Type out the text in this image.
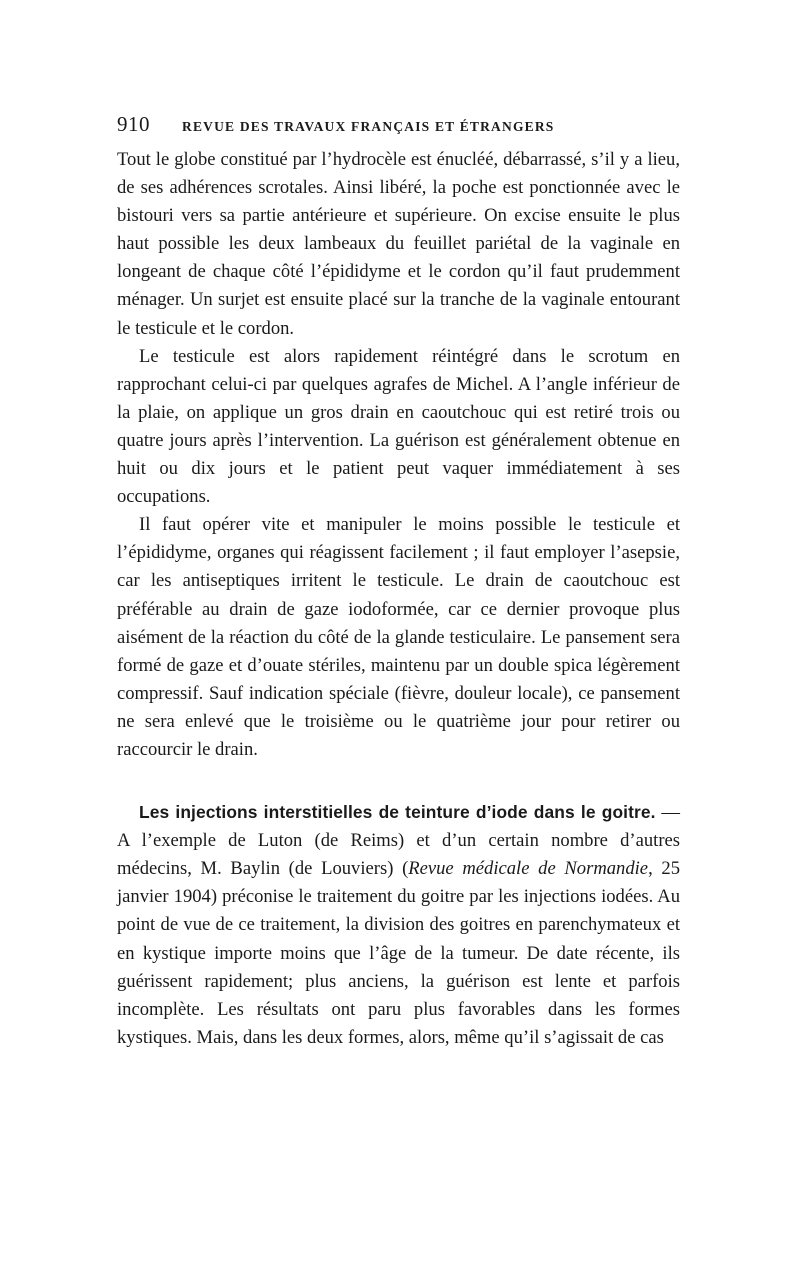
910	REVUE DES TRAVAUX FRANÇAIS ET ÉTRANGERS

Tout le globe constitué par l’hydrocèle est énucléé, débarrassé, s’il y a lieu, de ses adhérences scrotales. Ainsi libéré, la poche est ponctionnée avec le bistouri vers sa partie antérieure et supérieure. On excise ensuite le plus haut possible les deux lambeaux du feuillet pariétal de la vaginale en longeant de chaque côté l’épididyme et le cordon qu’il faut prudemment ménager. Un surjet est ensuite placé sur la tranche de la vaginale entourant le testicule et le cordon.

Le testicule est alors rapidement réintégré dans le scrotum en rapprochant celui-ci par quelques agrafes de Michel. A l’angle inférieur de la plaie, on applique un gros drain en caoutchouc qui est retiré trois ou quatre jours après l’intervention. La guérison est généralement obtenue en huit ou dix jours et le patient peut vaquer immédiatement à ses occupations.

Il faut opérer vite et manipuler le moins possible le testicule et l’épididyme, organes qui réagissent facilement ; il faut employer l’asepsie, car les antiseptiques irritent le testicule. Le drain de caoutchouc est préférable au drain de gaze iodoformée, car ce dernier provoque plus aisément de la réaction du côté de la glande testiculaire. Le pansement sera formé de gaze et d’ouate stériles, maintenu par un double spica légèrement compressif. Sauf indication spéciale (fièvre, douleur locale), ce pansement ne sera enlevé que le troisième ou le quatrième jour pour retirer ou raccourcir le drain.

Les injections interstitielles de teinture d’iode dans le goitre. — A l’exemple de Luton (de Reims) et d’un certain nombre d’autres médecins, M. Baylin (de Louviers) (Revue médicale de Normandie, 25 janvier 1904) préconise le traitement du goitre par les injections iodées. Au point de vue de ce traitement, la division des goitres en parenchymateux et en kystique importe moins que l’âge de la tumeur. De date récente, ils guérissent rapidement; plus anciens, la guérison est lente et parfois incomplète. Les résultats ont paru plus favorables dans les formes kystiques. Mais, dans les deux formes, alors, même qu’il s’agissait de cas
